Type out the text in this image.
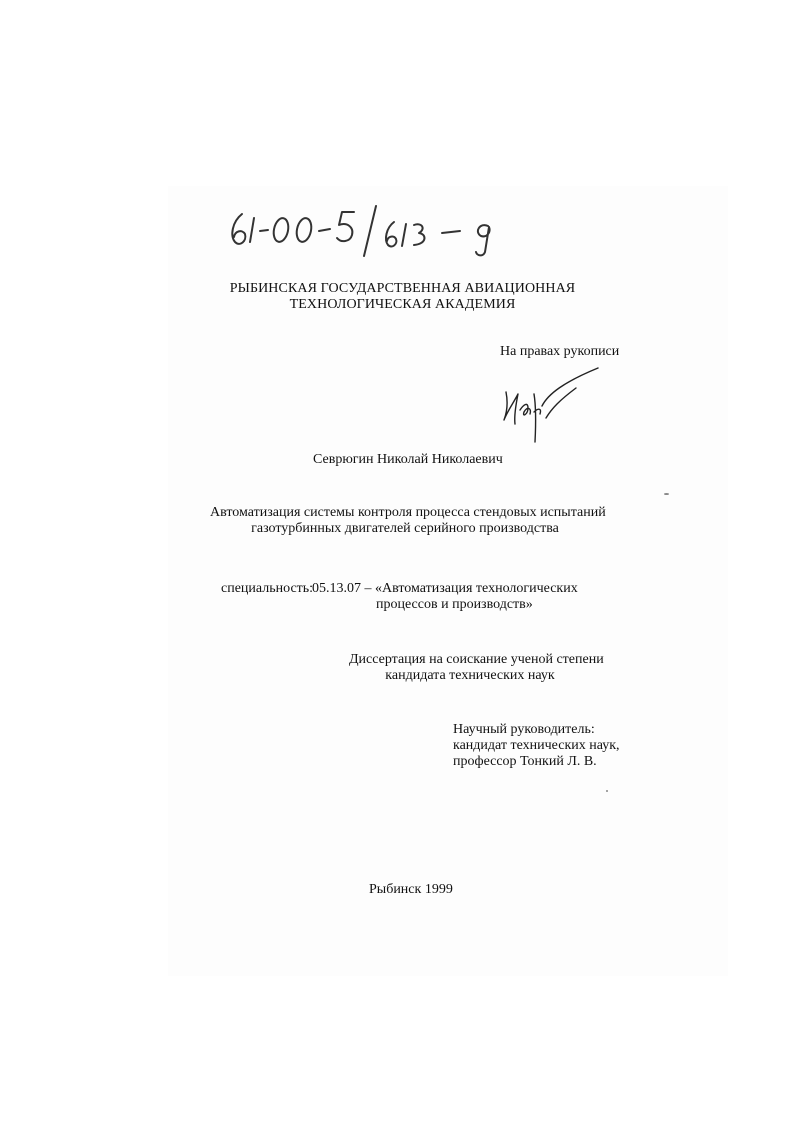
РЫБИНСКАЯ ГОСУДАРСТВЕННАЯ АВИАЦИОННАЯ
ТЕХНОЛОГИЧЕСКАЯ АКАДЕМИЯ
На правах рукописи
Севрюгин Николай Николаевич
Автоматизация системы контроля процесса стендовых испытаний
газотурбинных двигателей серийного производства
специальность:
05.13.07 – «Автоматизация технологических
процессов и производств»
Диссертация на соискание ученой степени
кандидата технических наук
Научный руководитель:
кандидат технических наук,
профессор Тонкий Л. В.
Рыбинск 1999
